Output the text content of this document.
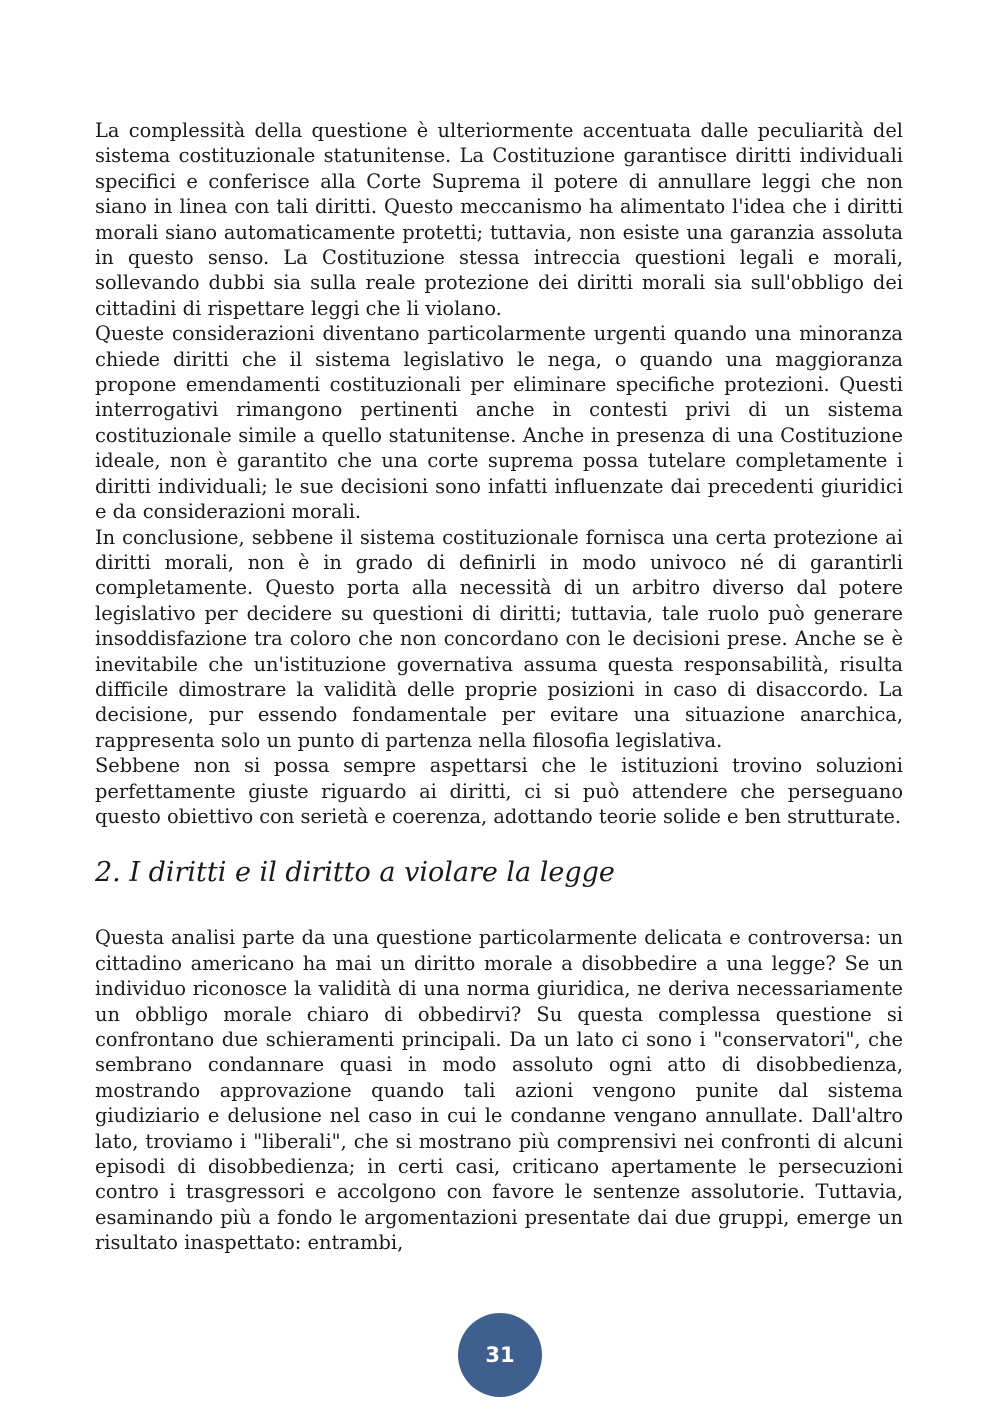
La complessità della questione è ulteriormente accentuata dalle peculiarità del sistema costituzionale statunitense. La Costituzione garantisce diritti individuali specifici e conferisce alla Corte Suprema il potere di annullare leggi che non siano in linea con tali diritti. Questo meccanismo ha alimentato l'idea che i diritti morali siano automaticamente protetti; tuttavia, non esiste una garanzia assoluta in questo senso. La Costituzione stessa intreccia questioni legali e morali, sollevando dubbi sia sulla reale protezione dei diritti morali sia sull'obbligo dei cittadini di rispettare leggi che li violano.

Queste considerazioni diventano particolarmente urgenti quando una minoranza chiede diritti che il sistema legislativo le nega, o quando una maggioranza propone emendamenti costituzionali per eliminare specifiche protezioni. Questi interrogativi rimangono pertinenti anche in contesti privi di un sistema costituzionale simile a quello statunitense. Anche in presenza di una Costituzione ideale, non è garantito che una corte suprema possa tutelare completamente i diritti individuali; le sue decisioni sono infatti influenzate dai precedenti giuridici e da considerazioni morali.

In conclusione, sebbene il sistema costituzionale fornisca una certa protezione ai diritti morali, non è in grado di definirli in modo univoco né di garantirli completamente. Questo porta alla necessità di un arbitro diverso dal potere legislativo per decidere su questioni di diritti; tuttavia, tale ruolo può generare insoddisfazione tra coloro che non concordano con le decisioni prese. Anche se è inevitabile che un'istituzione governativa assuma questa responsabilità, risulta difficile dimostrare la validità delle proprie posizioni in caso di disaccordo. La decisione, pur essendo fondamentale per evitare una situazione anarchica, rappresenta solo un punto di partenza nella filosofia legislativa.

Sebbene non si possa sempre aspettarsi che le istituzioni trovino soluzioni perfettamente giuste riguardo ai diritti, ci si può attendere che perseguano questo obiettivo con serietà e coerenza, adottando teorie solide e ben strutturate.

2. I diritti e il diritto a violare la legge

Questa analisi parte da una questione particolarmente delicata e controversa: un cittadino americano ha mai un diritto morale a disobbedire a una legge? Se un individuo riconosce la validità di una norma giuridica, ne deriva necessariamente un obbligo morale chiaro di obbedirvi? Su questa complessa questione si confrontano due schieramenti principali. Da un lato ci sono i "conservatori", che sembrano condannare quasi in modo assoluto ogni atto di disobbedienza, mostrando approvazione quando tali azioni vengono punite dal sistema giudiziario e delusione nel caso in cui le condanne vengano annullate. Dall'altro lato, troviamo i "liberali", che si mostrano più comprensivi nei confronti di alcuni episodi di disobbedienza; in certi casi, criticano apertamente le persecuzioni contro i trasgressori e accolgono con favore le sentenze assolutorie. Tuttavia, esaminando più a fondo le argomentazioni presentate dai due gruppi, emerge un risultato inaspettato: entrambi,

31
